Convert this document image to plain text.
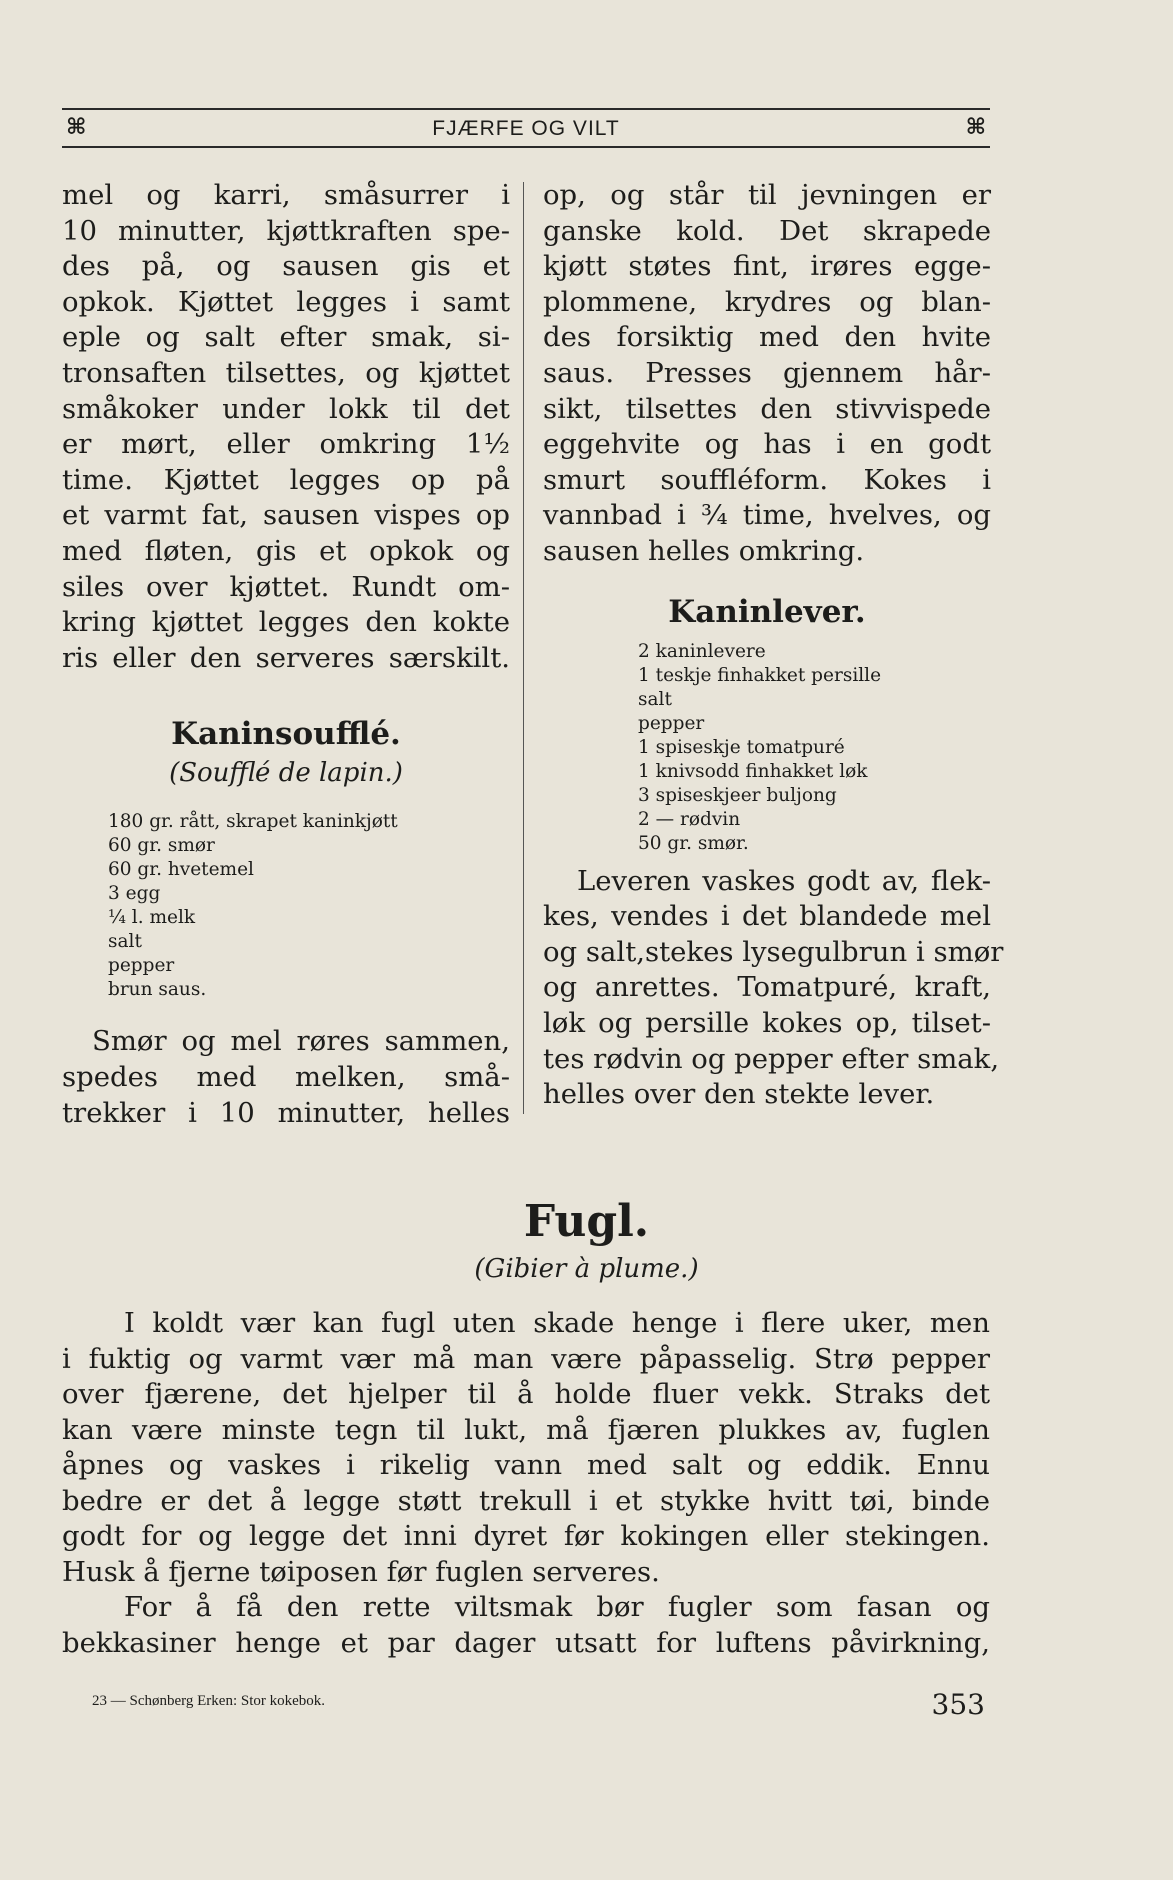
⌘	FJÆRFE OG VILT	⌘

mel og karri, småsurrer i
10 minutter, kjøttkraften spe-
des på, og sausen gis et
opkok. Kjøttet legges i samt
eple og salt efter smak, si-
tronsaften tilsettes, og kjøttet
småkoker under lokk til det
er mørt, eller omkring 1½
time. Kjøttet legges op på
et varmt fat, sausen vispes op
med fløten, gis et opkok og
siles over kjøttet. Rundt om-
kring kjøttet legges den kokte
ris eller den serveres særskilt.

Kaninsoufflé.
(Soufflé de lapin.)
180 gr. rått, skrapet kaninkjøtt
60 gr. smør
60 gr. hvetemel
3 egg
¼ l. melk
salt
pepper
brun saus.

Smør og mel røres sammen,
spedes med melken, små-
trekker i 10 minutter, helles

op, og står til jevningen er
ganske kold. Det skrapede
kjøtt støtes fint, irøres egge-
plommene, krydres og blan-
des forsiktig med den hvite
saus. Presses gjennem hår-
sikt, tilsettes den stivvispede
eggehvite og has i en godt
smurt souffléform. Kokes i
vannbad i ¾ time, hvelves, og
sausen helles omkring.

Kaninlever.
2 kaninlevere
1 teskje finhakket persille
salt
pepper
1 spiseskje tomatpuré
1 knivsodd finhakket løk
3 spiseskjeer buljong
2 — rødvin
50 gr. smør.

Leveren vaskes godt av, flek-
kes, vendes i det blandede mel
og salt,stekes lysegulbrun i smør
og anrettes. Tomatpuré, kraft,
løk og persille kokes op, tilset-
tes rødvin og pepper efter smak,
helles over den stekte lever.

Fugl.
(Gibier à plume.)
I koldt vær kan fugl uten skade henge i flere uker, men
i fuktig og varmt vær må man være påpasselig. Strø pepper
over fjærene, det hjelper til å holde fluer vekk. Straks det
kan være minste tegn til lukt, må fjæren plukkes av, fuglen
åpnes og vaskes i rikelig vann med salt og eddik. Ennu
bedre er det å legge støtt trekull i et stykke hvitt tøi, binde
godt for og legge det inni dyret før kokingen eller stekingen.
Husk å fjerne tøiposen før fuglen serveres.
For å få den rette viltsmak bør fugler som fasan og
bekkasiner henge et par dager utsatt for luftens påvirkning,
23 — Schønberg Erken: Stor kokebok.	353
